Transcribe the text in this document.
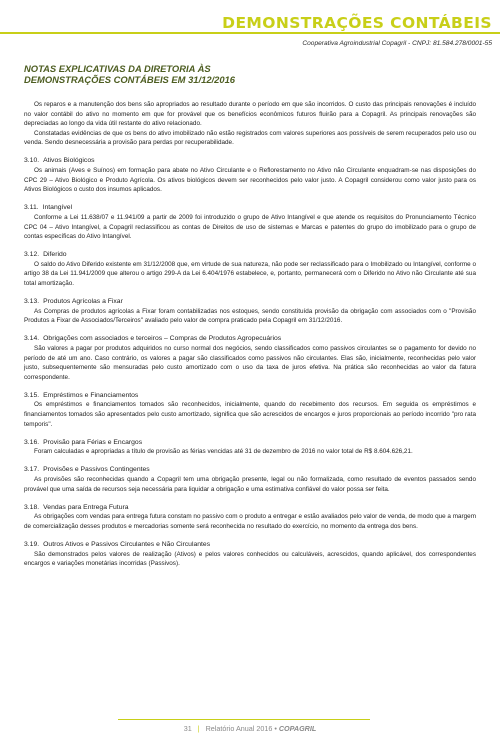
DEMONSTRAÇÕES CONTÁBEIS
Cooperativa Agroindustrial Copagril - CNPJ: 81.584.278/0001-55
NOTAS EXPLICATIVAS DA DIRETORIA ÀS
DEMONSTRAÇÕES CONTÁBEIS EM 31/12/2016

Os reparos e a manutenção dos bens são apropriados ao resultado durante o período em que são incorridos. O custo das principais renovações é incluído no valor contábil do ativo no momento em que for provável que os benefícios econômicos futuros fluirão para a Copagril. As principais renovações são depreciadas ao longo da vida útil restante do ativo relacionado.

Constatadas evidências de que os bens do ativo imobilizado não estão registrados com valores superiores aos possíveis de serem recuperados pelo uso ou venda. Sendo desnecessária a provisão para perdas por recuperabilidade.

3.10. Ativos Biológicos

Os animais (Aves e Suínos) em formação para abate no Ativo Circulante e o Reflorestamento no Ativo não Circulante enquadram-se nas disposições do CPC 29 – Ativo Biológico e Produto Agrícola. Os ativos biológicos devem ser reconhecidos pelo valor justo. A Copagril considerou como valor justo para os Ativos Biológicos o custo dos insumos aplicados.

3.11. Intangível

Conforme a Lei 11.638/07 e 11.941/09 a partir de 2009 foi introduzido o grupo de Ativo Intangível e que atende os requisitos do Pronunciamento Técnico CPC 04 – Ativo Intangível, a Copagril reclassificou as contas de Direitos de uso de sistemas e Marcas e patentes do grupo do imobilizado para o grupo de contas específicas do Ativo Intangível.

3.12. Diferido

O saldo do Ativo Diferido existente em 31/12/2008 que, em virtude de sua natureza, não pode ser reclassificado para o Imobilizado ou Intangível, conforme o artigo 38 da Lei 11.941/2009 que alterou o artigo 299-A da Lei 6.404/1976 estabelece, e, portanto, permanecerá com o Diferido no Ativo não Circulante até sua total amortização.

3.13. Produtos Agrícolas a Fixar

As Compras de produtos agrícolas a Fixar foram contabilizadas nos estoques, sendo constituída provisão da obrigação com associados com o "Provisão Produtos a Fixar de Associados/Terceiros" avaliado pelo valor de compra praticado pela Copagril em 31/12/2016.

3.14. Obrigações com associados e terceiros – Compras de Produtos Agropecuários

São valores a pagar por produtos adquiridos no curso normal dos negócios, sendo classificados como passivos circulantes se o pagamento for devido no período de até um ano. Caso contrário, os valores a pagar são classificados como passivos não circulantes. Elas são, inicialmente, reconhecidas pelo valor justo, subsequentemente são mensuradas pelo custo amortizado com o uso da taxa de juros efetiva. Na prática são reconhecidas ao valor da fatura correspondente.

3.15. Empréstimos e Financiamentos

Os empréstimos e financiamentos tomados são reconhecidos, inicialmente, quando do recebimento dos recursos. Em seguida os empréstimos e financiamentos tomados são apresentados pelo custo amortizado, significa que são acrescidos de encargos e juros proporcionais ao período incorrido "pro rata temporis".

3.16. Provisão para Férias e Encargos

Foram calculadas e apropriadas a título de provisão as férias vencidas até 31 de dezembro de 2016 no valor total de R$ 8.604.626,21.

3.17. Provisões e Passivos Contingentes

As provisões são reconhecidas quando a Copagril tem uma obrigação presente, legal ou não formalizada, como resultado de eventos passados sendo provável que uma saída de recursos seja necessária para liquidar a obrigação e uma estimativa confiável do valor possa ser feita.

3.18. Vendas para Entrega Futura

As obrigações com vendas para entrega futura constam no passivo com o produto a entregar e estão avaliados pelo valor de venda, de modo que a margem de comercialização desses produtos e mercadorias somente será reconhecida no resultado do exercício, no momento da entrega dos bens.

3.19. Outros Ativos e Passivos Circulantes e Não Circulantes

São demonstrados pelos valores de realização (Ativos) e pelos valores conhecidos ou calculáveis, acrescidos, quando aplicável, dos correspondentes encargos e variações monetárias incorridas (Passivos).

31 | Relatório Anual 2016 • COPAGRIL
